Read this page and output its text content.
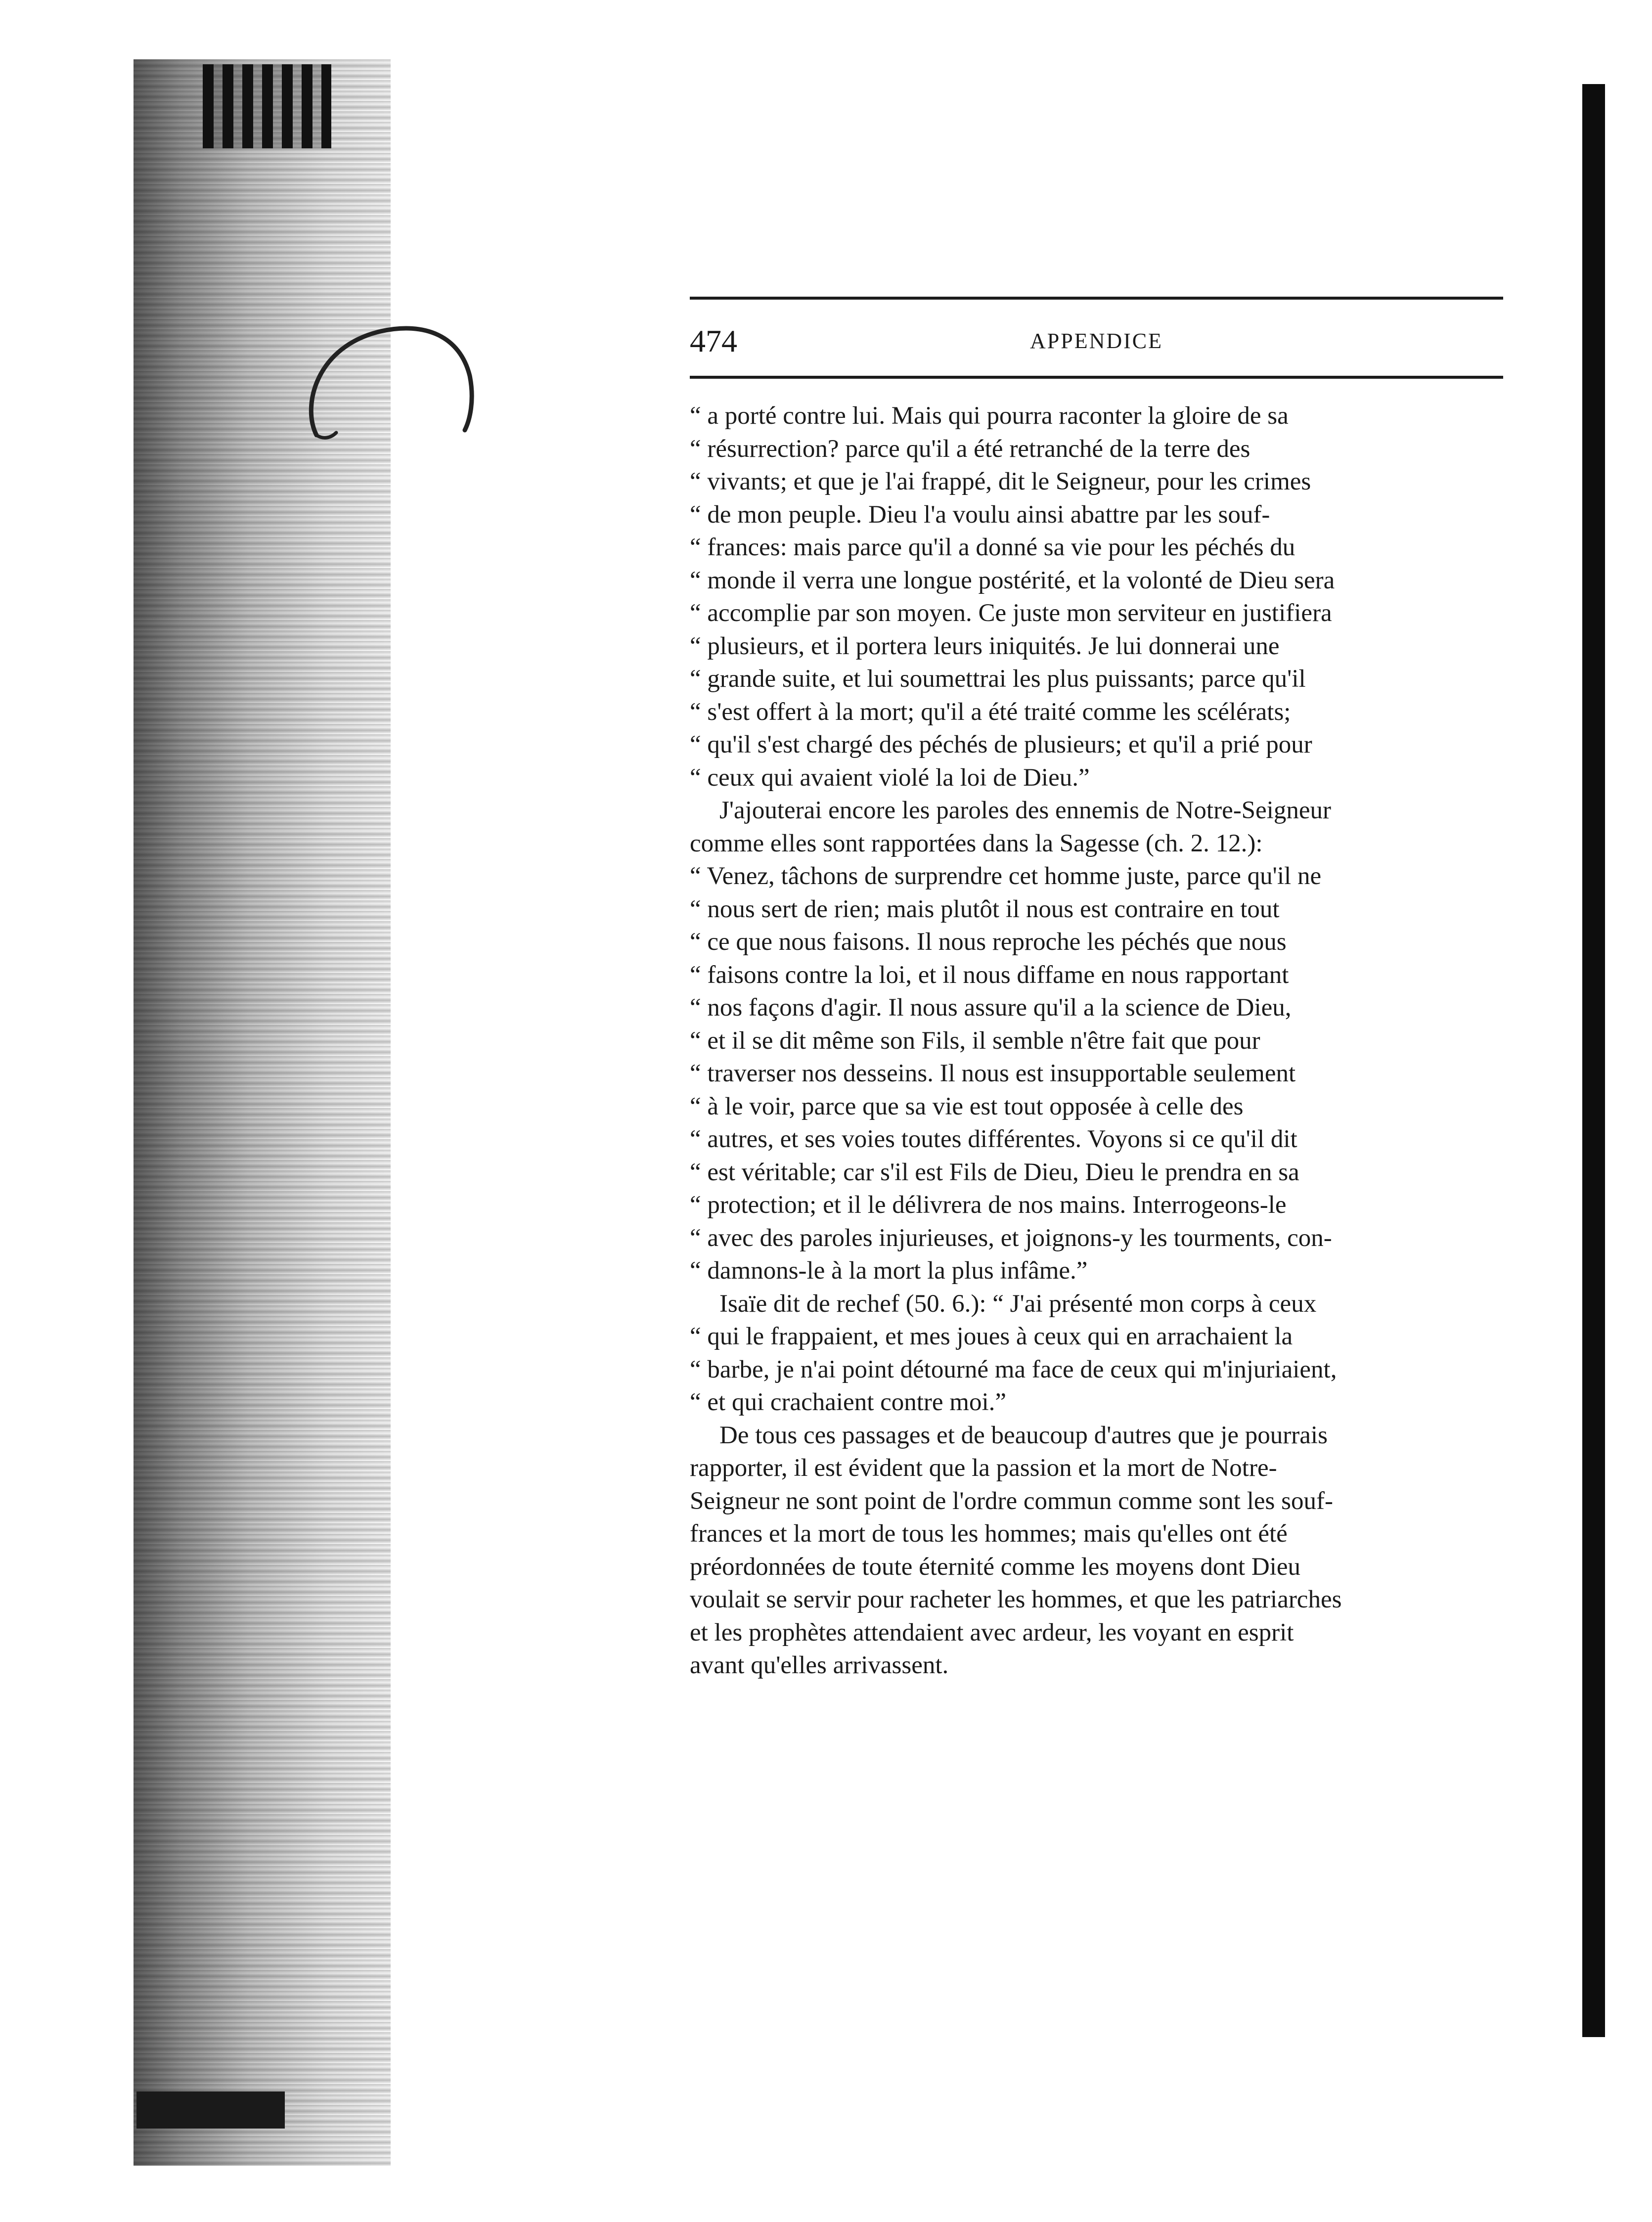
474	APPENDICE
“ a porté contre lui. Mais qui pourra raconter la gloire de sa
“ résurrection? parce qu'il a été retranché de la terre des
“ vivants; et que je l'ai frappé, dit le Seigneur, pour les crimes
“ de mon peuple. Dieu l'a voulu ainsi abattre par les souf-
“ frances: mais parce qu'il a donné sa vie pour les péchés du
“ monde il verra une longue postérité, et la volonté de Dieu sera
“ accomplie par son moyen. Ce juste mon serviteur en justifiera
“ plusieurs, et il portera leurs iniquités. Je lui donnerai une
“ grande suite, et lui soumettrai les plus puissants; parce qu'il
“ s'est offert à la mort; qu'il a été traité comme les scélérats;
“ qu'il s'est chargé des péchés de plusieurs; et qu'il a prié pour
“ ceux qui avaient violé la loi de Dieu.”
J'ajouterai encore les paroles des ennemis de Notre-Seigneur
comme elles sont rapportées dans la Sagesse (ch. 2. 12.):
“ Venez, tâchons de surprendre cet homme juste, parce qu'il ne
“ nous sert de rien; mais plutôt il nous est contraire en tout
“ ce que nous faisons. Il nous reproche les péchés que nous
“ faisons contre la loi, et il nous diffame en nous rapportant
“ nos façons d'agir. Il nous assure qu'il a la science de Dieu,
“ et il se dit même son Fils, il semble n'être fait que pour
“ traverser nos desseins. Il nous est insupportable seulement
“ à le voir, parce que sa vie est tout opposée à celle des
“ autres, et ses voies toutes différentes. Voyons si ce qu'il dit
“ est véritable; car s'il est Fils de Dieu, Dieu le prendra en sa
“ protection; et il le délivrera de nos mains. Interrogeons-le
“ avec des paroles injurieuses, et joignons-y les tourments, con-
“ damnons-le à la mort la plus infâme.”
Isaïe dit de rechef (50. 6.): “ J'ai présenté mon corps à ceux
“ qui le frappaient, et mes joues à ceux qui en arrachaient la
“ barbe, je n'ai point détourné ma face de ceux qui m'injuriaient,
“ et qui crachaient contre moi.”
De tous ces passages et de beaucoup d'autres que je pourrais
rapporter, il est évident que la passion et la mort de Notre-
Seigneur ne sont point de l'ordre commun comme sont les souf-
frances et la mort de tous les hommes; mais qu'elles ont été
préordonnées de toute éternité comme les moyens dont Dieu
voulait se servir pour racheter les hommes, et que les patriarches
et les prophètes attendaient avec ardeur, les voyant en esprit
avant qu'elles arrivassent.
